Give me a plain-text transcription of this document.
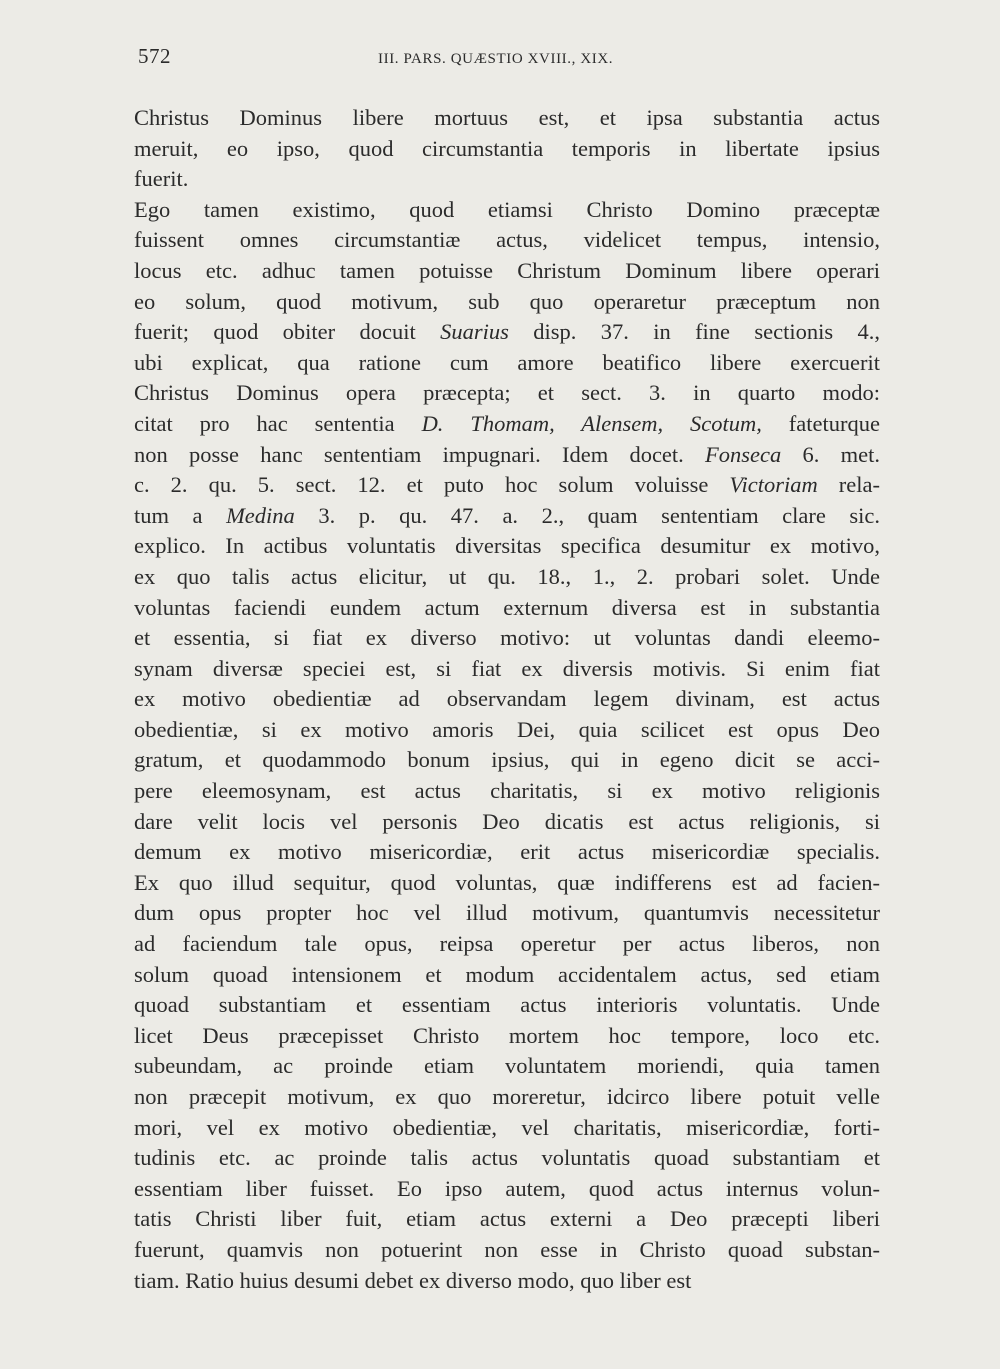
572	III. PARS. QUÆSTIO XVIII., XIX.
Christus Dominus libere mortuus est, et ipsa substantia actus
meruit, eo ipso, quod circumstantia temporis in libertate ipsius
fuerit.
Ego tamen existimo, quod etiamsi Christo Domino præceptæ
fuissent omnes circumstantiæ actus, videlicet tempus, intensio,
locus etc. adhuc tamen potuisse Christum Dominum libere operari
eo solum, quod motivum, sub quo operaretur præceptum non
fuerit; quod obiter docuit Suarius disp. 37. in fine sectionis 4.,
ubi explicat, qua ratione cum amore beatifico libere exercuerit
Christus Dominus opera præcepta; et sect. 3. in quarto modo:
citat pro hac sententia D. Thomam, Alensem, Scotum, fateturque
non posse hanc sententiam impugnari. Idem docet. Fonseca 6. met.
c. 2. qu. 5. sect. 12. et puto hoc solum voluisse Victoriam rela-
tum a Medina 3. p. qu. 47. a. 2., quam sententiam clare sic.
explico. In actibus voluntatis diversitas specifica desumitur ex motivo,
ex quo talis actus elicitur, ut qu. 18., 1., 2. probari solet. Unde
voluntas faciendi eundem actum externum diversa est in substantia
et essentia, si fiat ex diverso motivo: ut voluntas dandi eleemo-
synam diversæ speciei est, si fiat ex diversis motivis. Si enim fiat
ex motivo obedientiæ ad observandam legem divinam, est actus
obedientiæ, si ex motivo amoris Dei, quia scilicet est opus Deo
gratum, et quodammodo bonum ipsius, qui in egeno dicit se acci-
pere eleemosynam, est actus charitatis, si ex motivo religionis
dare velit locis vel personis Deo dicatis est actus religionis, si
demum ex motivo misericordiæ, erit actus misericordiæ specialis.
Ex quo illud sequitur, quod voluntas, quæ indifferens est ad facien-
dum opus propter hoc vel illud motivum, quantumvis necessitetur
ad faciendum tale opus, reipsa operetur per actus liberos, non
solum quoad intensionem et modum accidentalem actus, sed etiam
quoad substantiam et essentiam actus interioris voluntatis. Unde
licet Deus præcepisset Christo mortem hoc tempore, loco etc.
subeundam, ac proinde etiam voluntatem moriendi, quia tamen
non præcepit motivum, ex quo moreretur, idcirco libere potuit velle
mori, vel ex motivo obedientiæ, vel charitatis, misericordiæ, forti-
tudinis etc. ac proinde talis actus voluntatis quoad substantiam et
essentiam liber fuisset. Eo ipso autem, quod actus internus volun-
tatis Christi liber fuit, etiam actus externi a Deo præcepti liberi
fuerunt, quamvis non potuerint non esse in Christo quoad substan-
tiam. Ratio huius desumi debet ex diverso modo, quo liber est
